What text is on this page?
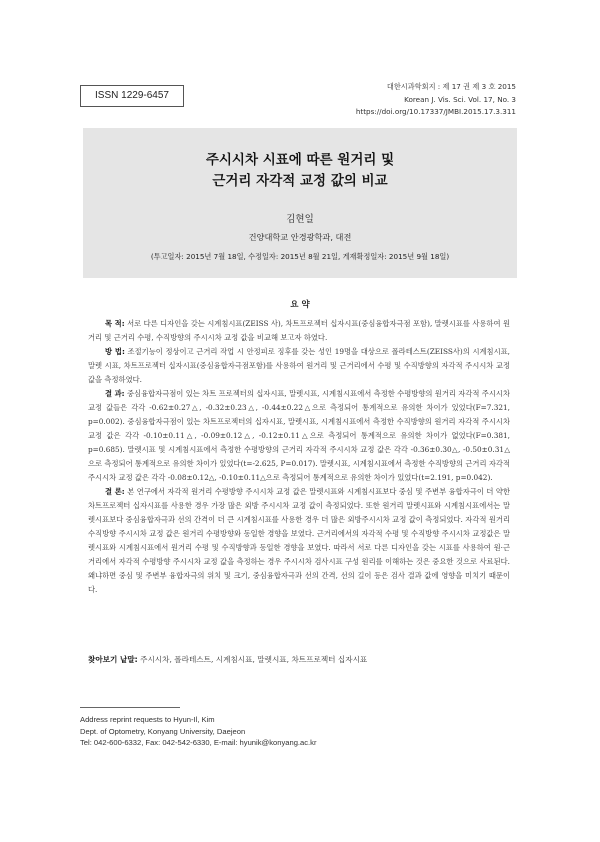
ISSN 1229-6457
대한시과학회지 : 제 17 권 제 3 호 2015
Korean J. Vis. Sci. Vol. 17, No. 3
https://doi.org/10.17337/JMBI.2015.17.3.311
주시시차 시표에 따른 원거리 및
근거리 자각적 교정 값의 비교
김현일
건양대학교 안경광학과, 대전
(투고일자: 2015년 7월 18일, 수정일자: 2015년 8월 21일, 게재확정일자: 2015년 9월 18일)
요 약

목 적: 서로 다른 디자인을 갖는 시계침시표(ZEISS 사), 차트프로젝터 십자시표(중심융합자극점 포함), 말렛시표를 사용하여 원거리 및 근거리 수평, 수직방향의 주시시차 교정 값을 비교해 보고자 하였다.

방 법: 조절기능이 정상이고 근거리 작업 시 안정피로 징후를 갖는 성인 19명을 대상으로 폴라테스트(ZEISS사)의 시계침시표, 말렛 시표, 차트프로젝터 십자시표(중심융합자극점포함)를 사용하여 원거리 및 근거리에서 수평 및 수직방향의 자각적 주시시차 교정 값을 측정하였다.

결 과: 중심융합자극점이 있는 차트 프로젝터의 십자시표, 말렛시표, 시계침시표에서 측정한 수평방향의 원거리 자각적 주시시차 교정 값들은 각각 -0.62±0.27△, -0.32±0.23△, -0.44±0.22△으로 측정되어 통계적으로 유의한 차이가 있었다(F=7.321, p=0.002). 중심융합자극점이 있는 차트프로젝터의 십자시표, 말렛시표, 시계침시표에서 측정한 수직방향의 원거리 자각적 주시시차 교정 값은 각각 -0.10±0.11△, -0.09±0.12△, -0.12±0.11△으로 측정되어 통계적으로 유의한 차이가 없었다(F=0.381, p=0.685). 말렛시표 및 시계침시표에서 측정한 수평방향의 근거리 자각적 주시시차 교정 값은 각각 -0.36±0.30△, -0.50±0.31△으로 측정되어 통계적으로 유의한 차이가 있었다(t=-2.625, P=0.017). 말렛시표, 시계침시표에서 측정한 수직방향의 근거리 자각적 주시시차 교정 값은 각각 -0.08±0.12△, -0.10±0.11△으로 측정되어 통계적으로 유의한 차이가 있었다(t=2.191, p=0.042).

결 론: 본 연구에서 자각적 원거리 수평방향 주시시차 교정 값은 말렛시표와 시계침시표보다 중심 및 주변부 융합자극이 더 약한 차트프로젝터 십자시표를 사용한 경우 가장 많은 외방 주시시차 교정 값이 측정되었다. 또한 원거리 말렛시표와 시계침시표에서는 말렛시표보다 중심융합자극과 선의 간격이 더 큰 시계침시표를 사용한 경우 더 많은 외방주시시차 교정 값이 측정되었다. 자각적 원거리 수직방향 주시시차 교정 값은 원거리 수평방향와 동일한 경향을 보였다. 근거리에서의 자각적 수평 및 수직방향 주시시차 교정값은 말렛시표와 시계침시표에서 원거리 수평 및 수직방향과 동일한 경향을 보였다. 따라서 서로 다른 디자인을 갖는 시표를 사용하여 원·근거리에서 자각적 수평방향 주시시차 교정 값을 측정하는 경우 주시시차 검사시표 구성 원리를 이해하는 것은 중요한 것으로 사료된다. 왜냐하면 중심 및 주변부 융합자극의 위치 및 크기, 중심융합자극과 선의 간격, 선의 길이 등은 검사 결과 값에 영향을 미치기 때문이다.

찾아보기 낱말: 주시시차, 폴라테스트, 시계침시표, 말렛시표, 차트프로젝터 십자시표
Address reprint requests to Hyun-Il, Kim
Dept. of Optometry, Konyang University, Daejeon
Tel: 042-600-6332, Fax: 042-542-6330, E-mail: hyunik@konyang.ac.kr
